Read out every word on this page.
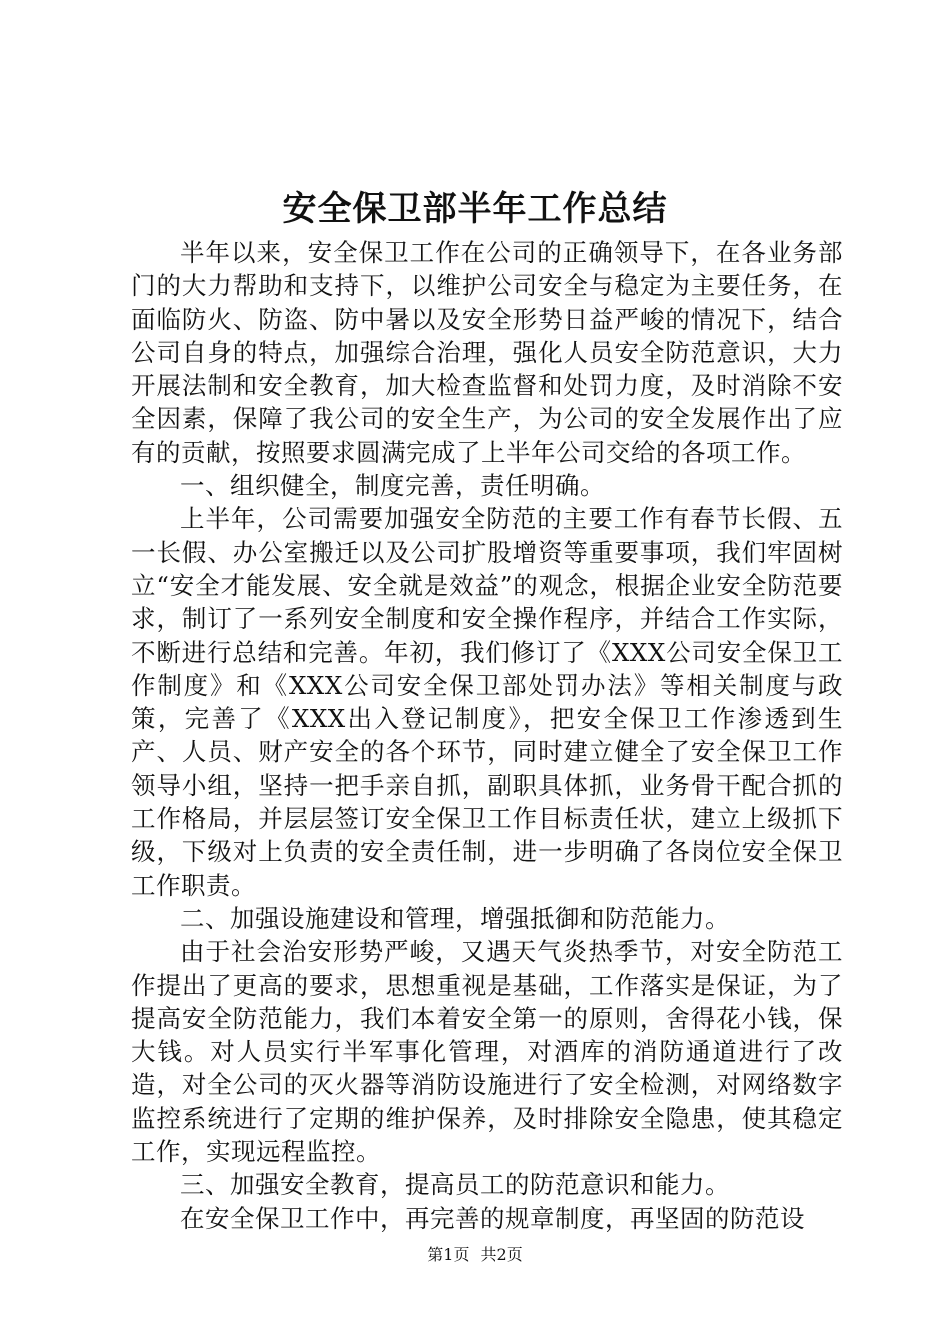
安全保卫部半年工作总结

半年以来，安全保卫工作在公司的正确领导下，在各业务部门的大力帮助和支持下，以维护公司安全与稳定为主要任务，在面临防火、防盗、防中暑以及安全形势日益严峻的情况下，结合公司自身的特点，加强综合治理，强化人员安全防范意识，大力开展法制和安全教育，加大检查监督和处罚力度，及时消除不安全因素，保障了我公司的安全生产，为公司的安全发展作出了应有的贡献，按照要求圆满完成了上半年公司交给的各项工作。

一、组织健全，制度完善，责任明确。

上半年，公司需要加强安全防范的主要工作有春节长假、五一长假、办公室搬迁以及公司扩股增资等重要事项，我们牢固树立“安全才能发展、安全就是效益”的观念，根据企业安全防范要求，制订了一系列安全制度和安全操作程序，并结合工作实际，不断进行总结和完善。年初，我们修订了《XXX公司安全保卫工作制度》和《XXX公司安全保卫部处罚办法》等相关制度与政策，完善了《XXX出入登记制度》，把安全保卫工作渗透到生产、人员、财产安全的各个环节，同时建立健全了安全保卫工作领导小组，坚持一把手亲自抓，副职具体抓，业务骨干配合抓的工作格局，并层层签订安全保卫工作目标责任状，建立上级抓下级，下级对上负责的安全责任制，进一步明确了各岗位安全保卫工作职责。

二、加强设施建设和管理，增强抵御和防范能力。

由于社会治安形势严峻，又遇天气炎热季节，对安全防范工作提出了更高的要求，思想重视是基础，工作落实是保证，为了提高安全防范能力，我们本着安全第一的原则，舍得花小钱，保大钱。对人员实行半军事化管理，对酒库的消防通道进行了改造，对全公司的灭火器等消防设施进行了安全检测，对网络数字监控系统进行了定期的维护保养，及时排除安全隐患，使其稳定工作，实现远程监控。

三、加强安全教育，提高员工的防范意识和能力。

在安全保卫工作中，再完善的规章制度，再坚固的防范设

第1页 共2页
